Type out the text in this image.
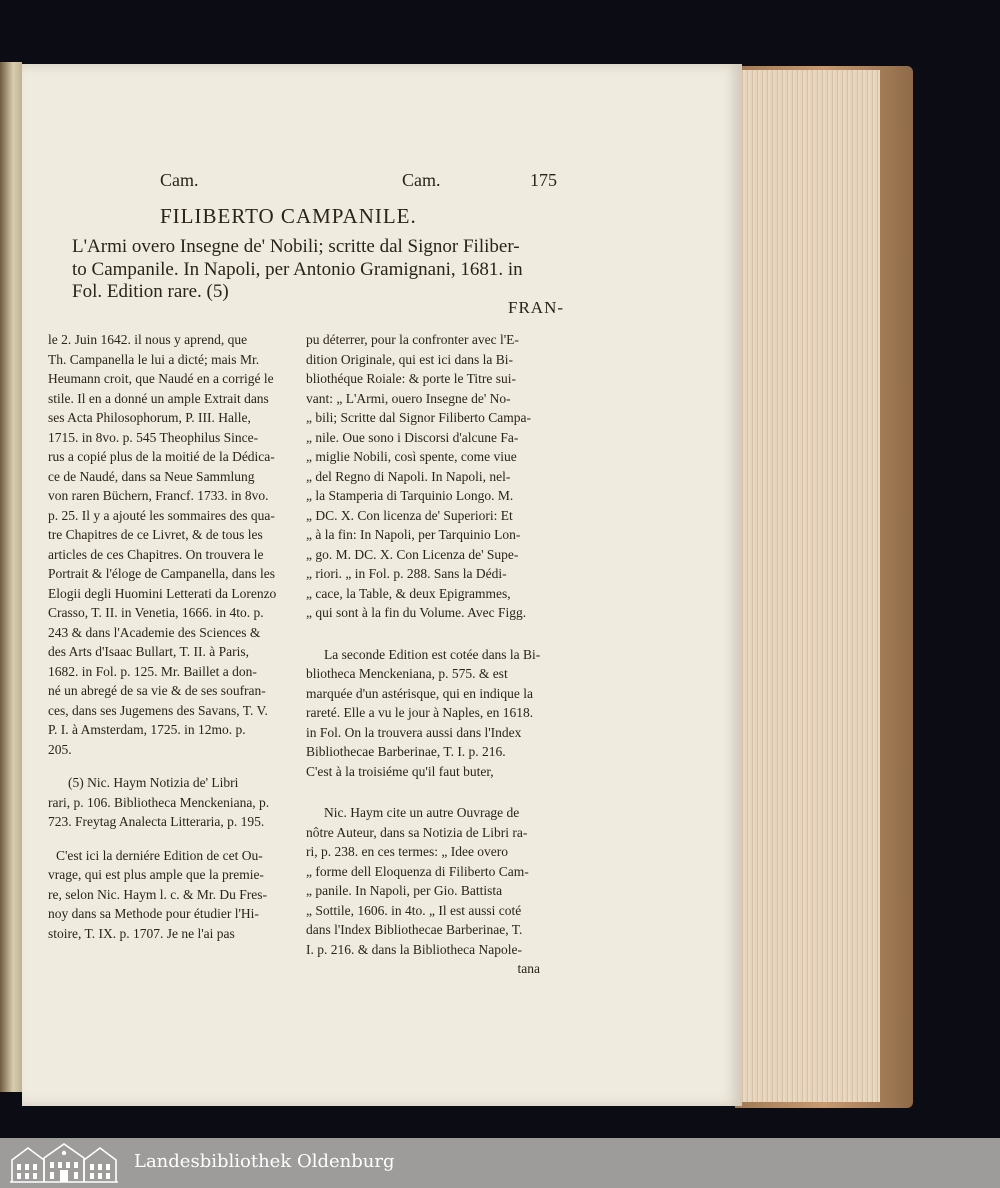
Cam.	Cam.	175
FILIBERTO CAMPANILE.
L'Armi overo Insegne de' Nobili; scritte dal Signor Filiber-
to Campanile. In Napoli, per Antonio Gramignani, 1681. in
Fol. Edition rare. (5)
FRAN-
le 2. Juin 1642. il nous y aprend, que
Th. Campanella le lui a dicté; mais Mr.
Heumann croit, que Naudé en a corrigé le
stile. Il en a donné un ample Extrait dans
ses Acta Philosophorum, P. III. Halle,
1715. in 8vo. p. 545 Theophilus Since-
rus a copié plus de la moitié de la Dédica-
ce de Naudé, dans sa Neue Sammlung
von raren Büchern, Francf. 1733. in 8vo.
p. 25. Il y a ajouté les sommaires des qua-
tre Chapitres de ce Livret, & de tous les
articles de ces Chapitres. On trouvera le
Portrait & l'éloge de Campanella, dans les
Elogii degli Huomini Letterati da Lorenzo
Crasso, T. II. in Venetia, 1666. in 4to. p.
243 & dans l'Academie des Sciences &
des Arts d'Isaac Bullart, T. II. à Paris,
1682. in Fol. p. 125. Mr. Baillet a don-
né un abregé de sa vie & de ses soufran-
ces, dans ses Jugemens des Savans, T. V.
P. I. à Amsterdam, 1725. in 12mo. p.
205.
(5) Nic. Haym Notizia de' Libri
rari, p. 106. Bibliotheca Menckeniana, p.
723. Freytag Analecta Litteraria, p. 195.
C'est ici la derniére Edition de cet Ou-
vrage, qui est plus ample que la premie-
re, selon Nic. Haym l. c. & Mr. Du Fres-
noy dans sa Methode pour étudier l'Hi-
stoire, T. IX. p. 1707. Je ne l'ai pas
pu déterrer, pour la confronter avec l'E-
dition Originale, qui est ici dans la Bi-
bliothéque Roiale: & porte le Titre sui-
vant: „ L'Armi, ouero Insegne de' No-
„ bili; Scritte dal Signor Filiberto Campa-
„ nile. Oue sono i Discorsi d'alcune Fa-
„ miglie Nobili, così spente, come viue
„ del Regno di Napoli. In Napoli, nel-
„ la Stamperia di Tarquinio Longo. M.
„ DC. X. Con licenza de' Superiori: Et
„ à la fin: In Napoli, per Tarquinio Lon-
„ go. M. DC. X. Con Licenza de' Supe-
„ riori. „ in Fol. p. 288. Sans la Dédi-
„ cace, la Table, & deux Epigrammes,
„ qui sont à la fin du Volume. Avec Figg.
La seconde Edition est cotée dans la Bi-
bliotheca Menckeniana, p. 575. & est
marquée d'un astérisque, qui en indique la
rareté. Elle a vu le jour à Naples, en 1618.
in Fol. On la trouvera aussi dans l'Index
Bibliothecae Barberinae, T. I. p. 216.
C'est à la troisiéme qu'il faut buter,
Nic. Haym cite un autre Ouvrage de
nôtre Auteur, dans sa Notizia de Libri ra-
ri, p. 238. en ces termes: „ Idee overo
„ forme dell Eloquenza di Filiberto Cam-
„ panile. In Napoli, per Gio. Battista
„ Sottile, 1606. in 4to. „ Il est aussi coté
dans l'Index Bibliothecae Barberinae, T.
I. p. 216. & dans la Bibliotheca Napole-
tana
Landesbibliothek Oldenburg
